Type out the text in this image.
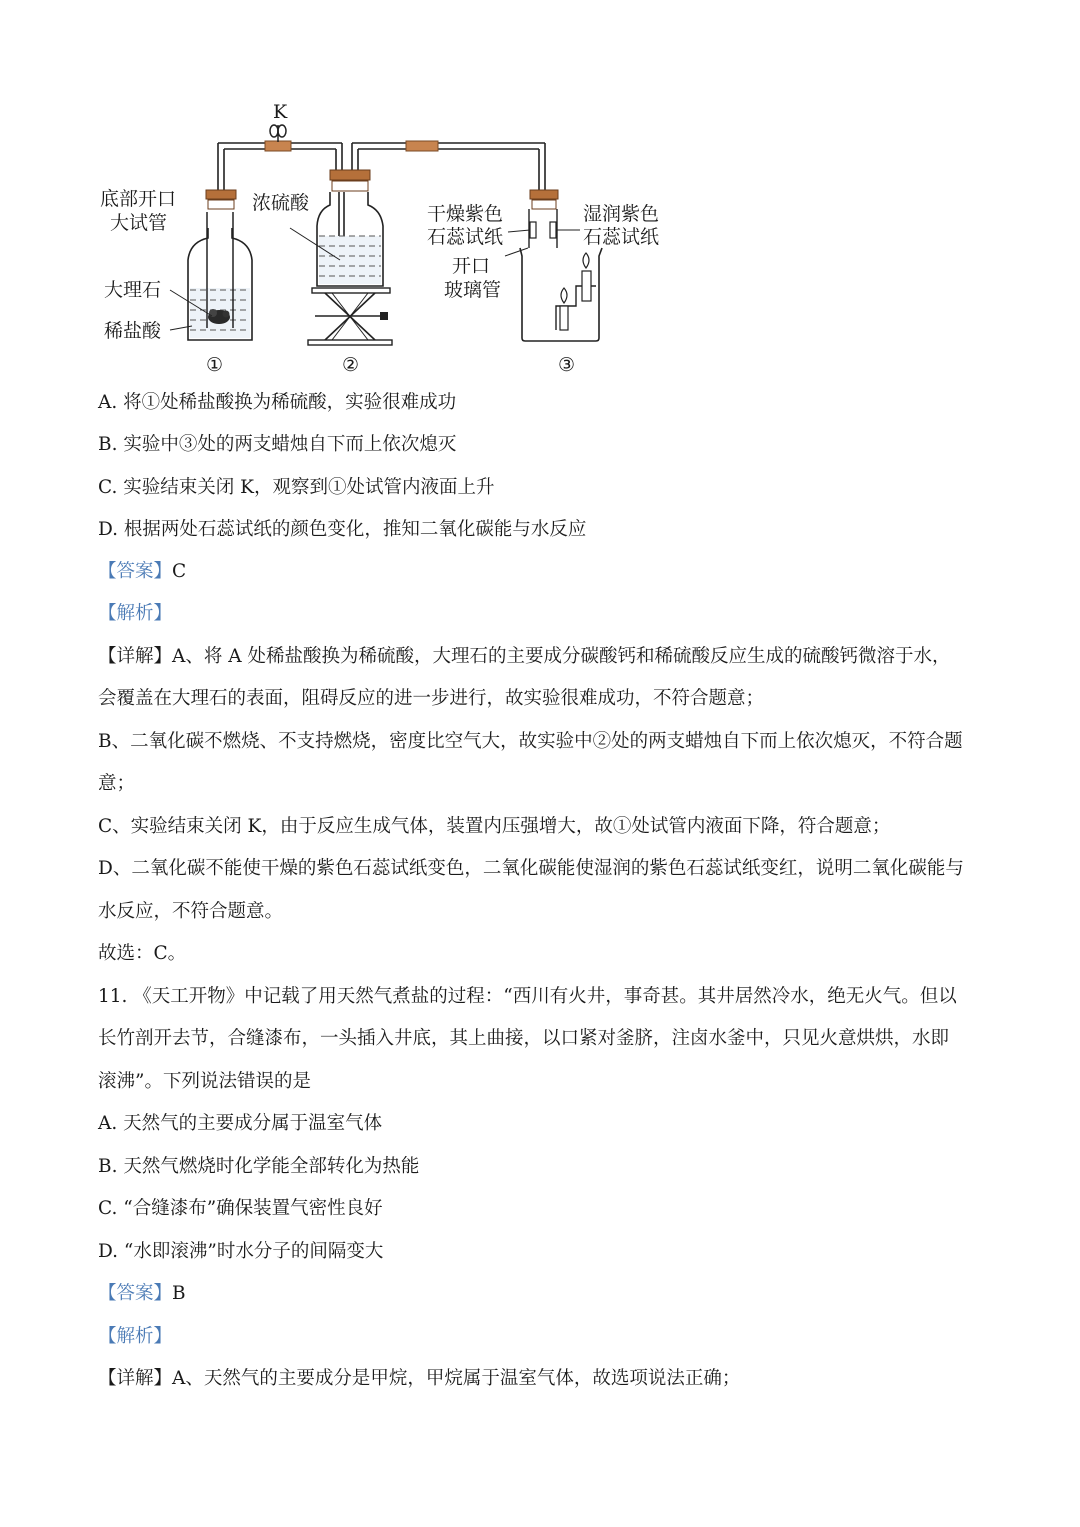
K
底部开口
大试管
大理石
稀盐酸
①
浓硫酸
②
干燥紫色
石蕊试纸
湿润紫色
石蕊试纸
开口
玻璃管
③
A. 将①处稀盐酸换为稀硫酸，实验很难成功
B. 实验中③处的两支蜡烛自下而上依次熄灭
C. 实验结束关闭 K，观察到①处试管内液面上升
D. 根据两处石蕊试纸的颜色变化，推知二氧化碳能与水反应
【答案】C
【解析】
【详解】A、将 A 处稀盐酸换为稀硫酸，大理石的主要成分碳酸钙和稀硫酸反应生成的硫酸钙微溶于水，
会覆盖在大理石的表面，阻碍反应的进一步进行，故实验很难成功，不符合题意；
B、二氧化碳不燃烧、不支持燃烧，密度比空气大，故实验中②处的两支蜡烛自下而上依次熄灭，不符合题
意；
C、实验结束关闭 K，由于反应生成气体，装置内压强增大，故①处试管内液面下降，符合题意；
D、二氧化碳不能使干燥的紫色石蕊试纸变色，二氧化碳能使湿润的紫色石蕊试纸变红，说明二氧化碳能与
水反应，不符合题意。
故选：C。
11. 《天工开物》中记载了用天然气煮盐的过程：“西川有火井，事奇甚。其井居然冷水，绝无火气。但以
长竹剖开去节，合缝漆布，一头插入井底，其上曲接，以口紧对釜脐，注卤水釜中，只见火意烘烘，水即
滚沸”。下列说法错误的是
A. 天然气的主要成分属于温室气体
B. 天然气燃烧时化学能全部转化为热能
C. “合缝漆布”确保装置气密性良好
D. “水即滚沸”时水分子的间隔变大
【答案】B
【解析】
【详解】A、天然气的主要成分是甲烷，甲烷属于温室气体，故选项说法正确；
